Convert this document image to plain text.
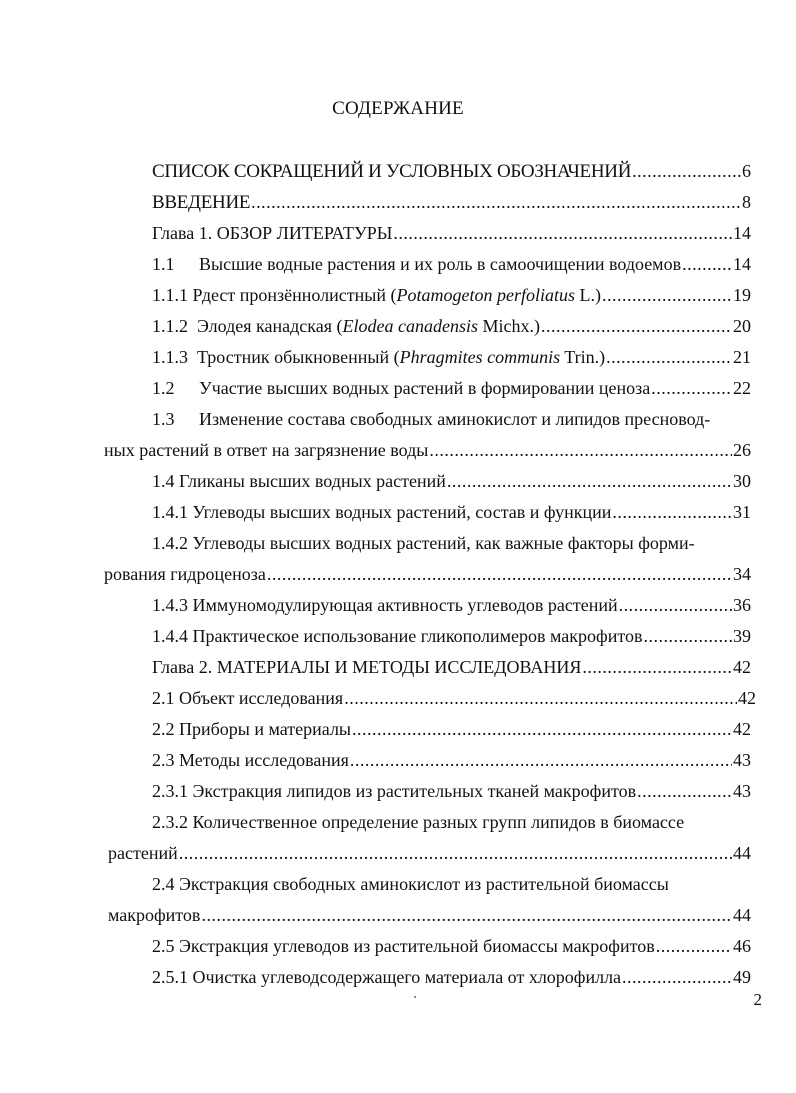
СОДЕРЖАНИЕ
СПИСОК СОКРАЩЕНИЙ И УСЛОВНЫХ ОБОЗНАЧЕНИЙ .....	6
ВВЕДЕНИЕ .....	8
Глава 1. ОБЗОР ЛИТЕРАТУРЫ .....	14
1.1 Высшие водные растения и их роль в самоочищении водоемов .....	14
1.1.1 Рдест пронзённолистный (Potamogeton perfoliatus L.) .....	19
1.1.2 Элодея канадская (Elodea canadensis Michx.) .....	20
1.1.3 Тростник обыкновенный (Phragmites communis Trin.) .....	21
1.2 Участие высших водных растений в формировании ценоза .....	22
1.3 Изменение состава свободных аминокислот и липидов пресновод-
ных растений в ответ на загрязнение воды .....	26
1.4 Гликаны высших водных растений .....	30
1.4.1 Углеводы высших водных растений, состав и функции .....	31
1.4.2 Углеводы высших водных растений, как важные факторы форми-
рования гидроценоза .....	34
1.4.3 Иммуномодулирующая активность углеводов растений .....	36
1.4.4 Практическое использование гликополимеров макрофитов .....	39
Глава 2. МАТЕРИАЛЫ И МЕТОДЫ ИССЛЕДОВАНИЯ .....	42
2.1 Объект исследования .....	42
2.2 Приборы и материалы .....	42
2.3 Методы исследования .....	43
2.3.1 Экстракция липидов из растительных тканей макрофитов .....	43
2.3.2 Количественное определение разных групп липидов в биомассе
растений .....	44
2.4 Экстракция свободных аминокислот из растительной биомассы
макрофитов .....	44
2.5 Экстракция углеводов из растительной биомассы макрофитов .....	46
2.5.1 Очистка углеводсодержащего материала от хлорофилла .....	49
2
